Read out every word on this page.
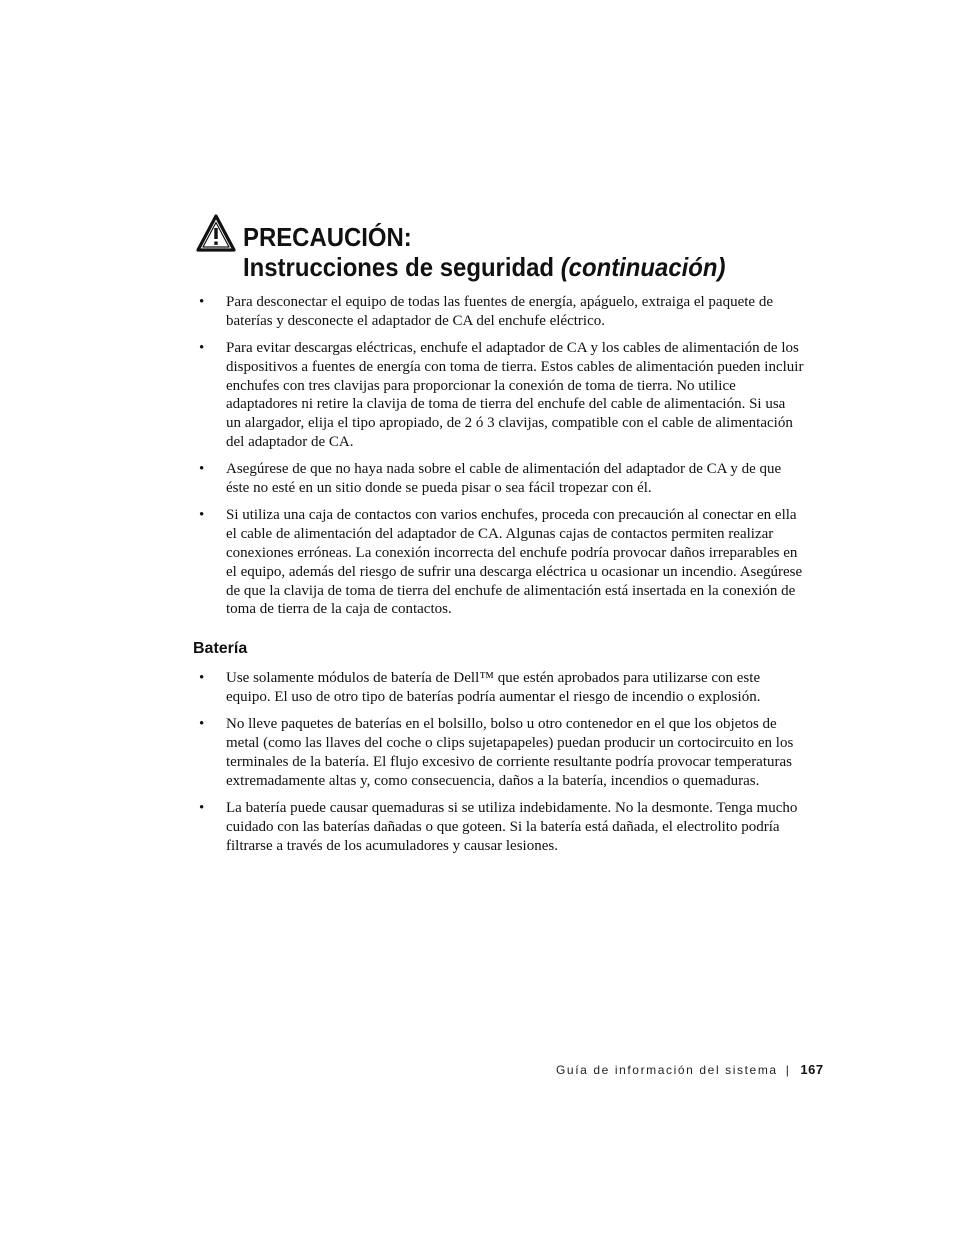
PRECAUCIÓN:
Instrucciones de seguridad (continuación)
• Para desconectar el equipo de todas las fuentes de energía, apáguelo, extraiga el paquete de baterías y desconecte el adaptador de CA del enchufe eléctrico.
• Para evitar descargas eléctricas, enchufe el adaptador de CA y los cables de alimentación de los dispositivos a fuentes de energía con toma de tierra. Estos cables de alimentación pueden incluir enchufes con tres clavijas para proporcionar la conexión de toma de tierra. No utilice adaptadores ni retire la clavija de toma de tierra del enchufe del cable de alimentación. Si usa un alargador, elija el tipo apropiado, de 2 ó 3 clavijas, compatible con el cable de alimentación del adaptador de CA.
• Asegúrese de que no haya nada sobre el cable de alimentación del adaptador de CA y de que éste no esté en un sitio donde se pueda pisar o sea fácil tropezar con él.
• Si utiliza una caja de contactos con varios enchufes, proceda con precaución al conectar en ella el cable de alimentación del adaptador de CA. Algunas cajas de contactos permiten realizar conexiones erróneas. La conexión incorrecta del enchufe podría provocar daños irreparables en el equipo, además del riesgo de sufrir una descarga eléctrica u ocasionar un incendio. Asegúrese de que la clavija de toma de tierra del enchufe de alimentación está insertada en la conexión de toma de tierra de la caja de contactos.
Batería
• Use solamente módulos de batería de Dell™ que estén aprobados para utilizarse con este equipo. El uso de otro tipo de baterías podría aumentar el riesgo de incendio o explosión.
• No lleve paquetes de baterías en el bolsillo, bolso u otro contenedor en el que los objetos de metal (como las llaves del coche o clips sujetapapeles) puedan producir un cortocircuito en los terminales de la batería. El flujo excesivo de corriente resultante podría provocar temperaturas extremadamente altas y, como consecuencia, daños a la batería, incendios o quemaduras.
• La batería puede causar quemaduras si se utiliza indebidamente. No la desmonte. Tenga mucho cuidado con las baterías dañadas o que goteen. Si la batería está dañada, el electrolito podría filtrarse a través de los acumuladores y causar lesiones.
Guía de información del sistema | 167
